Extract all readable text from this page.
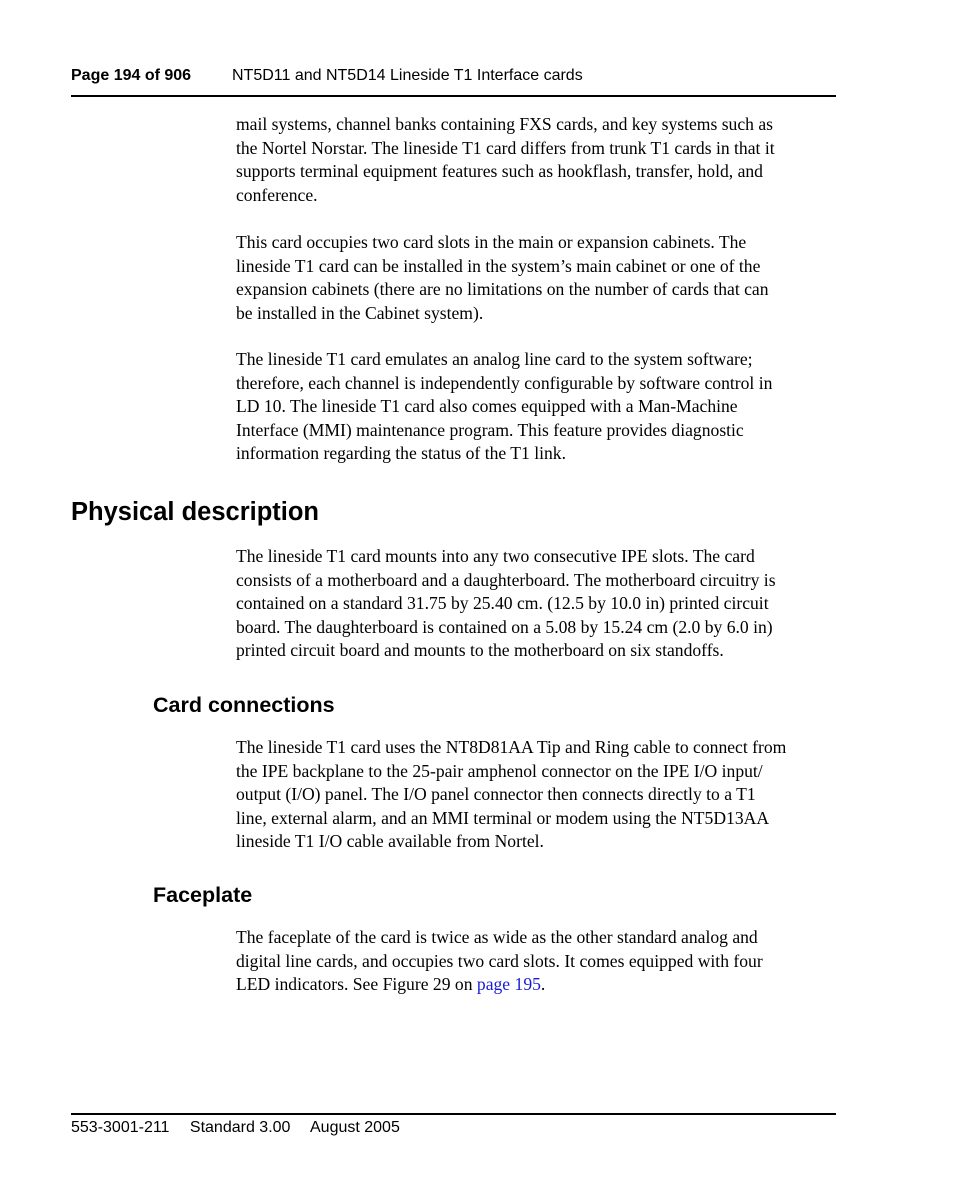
Page 194 of 906	NT5D11 and NT5D14 Lineside T1 Interface cards
mail systems, channel banks containing FXS cards, and key systems such as
the Nortel Norstar. The lineside T1 card differs from trunk T1 cards in that it
supports terminal equipment features such as hookflash, transfer, hold, and
conference.
This card occupies two card slots in the main or expansion cabinets. The
lineside T1 card can be installed in the system’s main cabinet or one of the
expansion cabinets (there are no limitations on the number of cards that can
be installed in the Cabinet system).
The lineside T1 card emulates an analog line card to the system software;
therefore, each channel is independently configurable by software control in
LD 10. The lineside T1 card also comes equipped with a Man-Machine
Interface (MMI) maintenance program. This feature provides diagnostic
information regarding the status of the T1 link.
Physical description
The lineside T1 card mounts into any two consecutive IPE slots. The card
consists of a motherboard and a daughterboard. The motherboard circuitry is
contained on a standard 31.75 by 25.40 cm. (12.5 by 10.0 in) printed circuit
board. The daughterboard is contained on a 5.08 by 15.24 cm (2.0 by 6.0 in)
printed circuit board and mounts to the motherboard on six standoffs.
Card connections
The lineside T1 card uses the NT8D81AA Tip and Ring cable to connect from
the IPE backplane to the 25-pair amphenol connector on the IPE I/O input/
output (I/O) panel. The I/O panel connector then connects directly to a T1
line, external alarm, and an MMI terminal or modem using the NT5D13AA
lineside T1 I/O cable available from Nortel.
Faceplate
The faceplate of the card is twice as wide as the other standard analog and
digital line cards, and occupies two card slots. It comes equipped with four
LED indicators. See Figure 29 on page 195.
553-3001-211 Standard 3.00 August 2005
